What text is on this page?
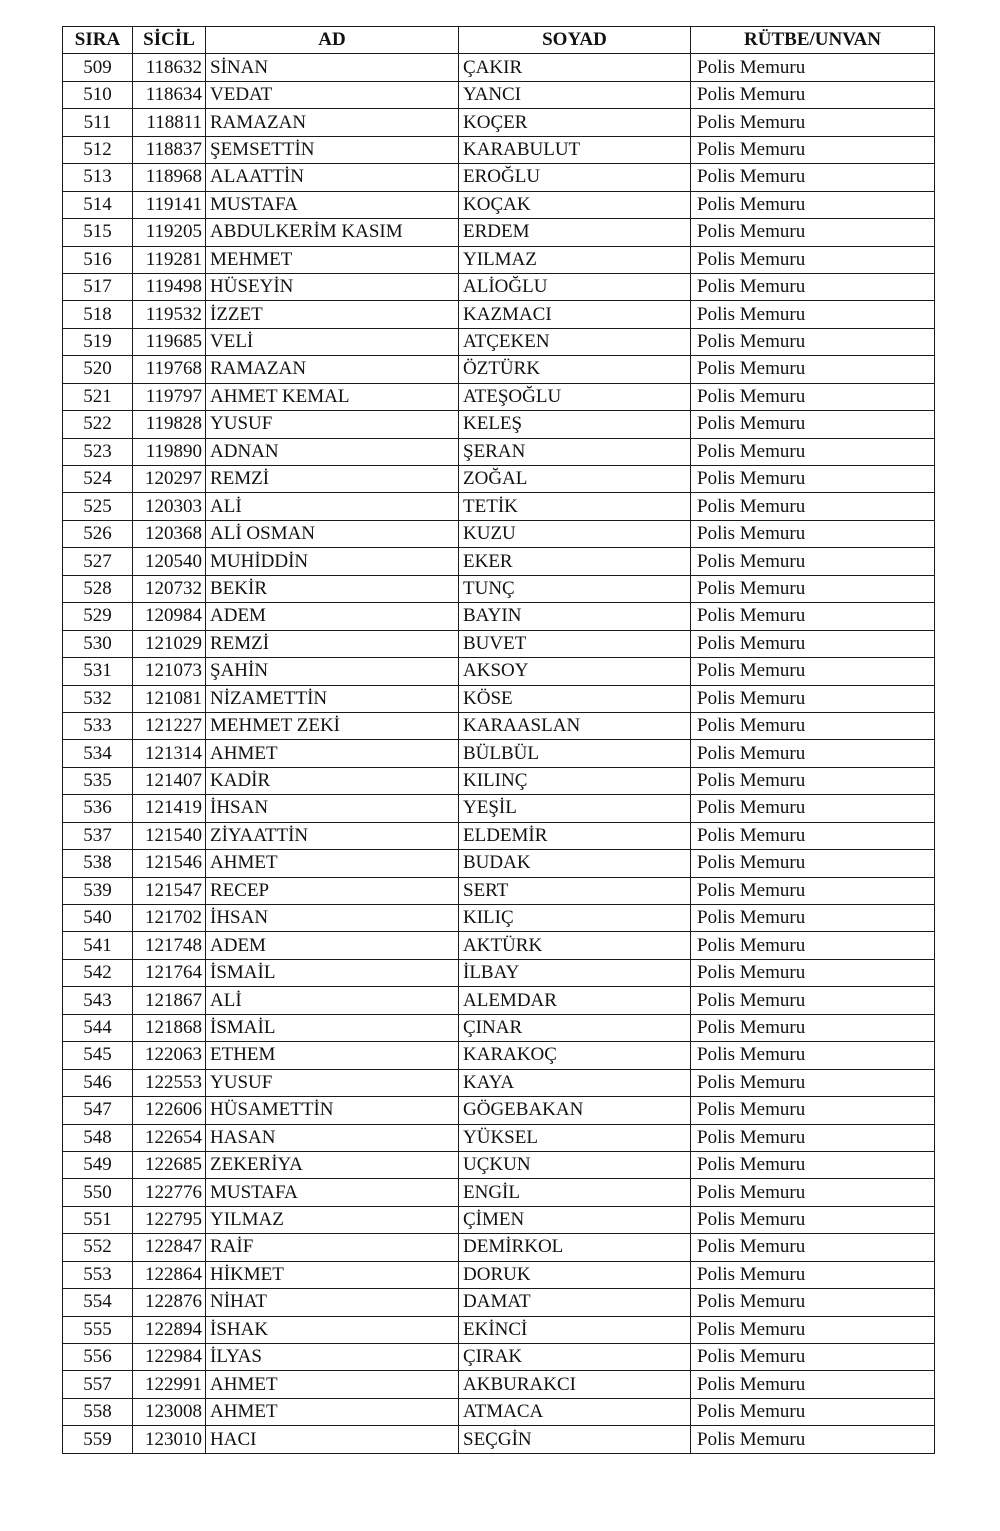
SIRA	SİCİL	AD	SOYAD	RÜTBE/UNVAN
509	118632	SİNAN	ÇAKIR	Polis Memuru
510	118634	VEDAT	YANCI	Polis Memuru
511	118811	RAMAZAN	KOÇER	Polis Memuru
512	118837	ŞEMSETTİN	KARABULUT	Polis Memuru
513	118968	ALAATTİN	EROĞLU	Polis Memuru
514	119141	MUSTAFA	KOÇAK	Polis Memuru
515	119205	ABDULKERİM KASIM	ERDEM	Polis Memuru
516	119281	MEHMET	YILMAZ	Polis Memuru
517	119498	HÜSEYİN	ALİOĞLU	Polis Memuru
518	119532	İZZET	KAZMACI	Polis Memuru
519	119685	VELİ	ATÇEKEN	Polis Memuru
520	119768	RAMAZAN	ÖZTÜRK	Polis Memuru
521	119797	AHMET KEMAL	ATEŞOĞLU	Polis Memuru
522	119828	YUSUF	KELEŞ	Polis Memuru
523	119890	ADNAN	ŞERAN	Polis Memuru
524	120297	REMZİ	ZOĞAL	Polis Memuru
525	120303	ALİ	TETİK	Polis Memuru
526	120368	ALİ OSMAN	KUZU	Polis Memuru
527	120540	MUHİDDİN	EKER	Polis Memuru
528	120732	BEKİR	TUNÇ	Polis Memuru
529	120984	ADEM	BAYIN	Polis Memuru
530	121029	REMZİ	BUVET	Polis Memuru
531	121073	ŞAHİN	AKSOY	Polis Memuru
532	121081	NİZAMETTİN	KÖSE	Polis Memuru
533	121227	MEHMET ZEKİ	KARAASLAN	Polis Memuru
534	121314	AHMET	BÜLBÜL	Polis Memuru
535	121407	KADİR	KILINÇ	Polis Memuru
536	121419	İHSAN	YEŞİL	Polis Memuru
537	121540	ZİYAATTİN	ELDEMİR	Polis Memuru
538	121546	AHMET	BUDAK	Polis Memuru
539	121547	RECEP	SERT	Polis Memuru
540	121702	İHSAN	KILIÇ	Polis Memuru
541	121748	ADEM	AKTÜRK	Polis Memuru
542	121764	İSMAİL	İLBAY	Polis Memuru
543	121867	ALİ	ALEMDAR	Polis Memuru
544	121868	İSMAİL	ÇINAR	Polis Memuru
545	122063	ETHEM	KARAKOÇ	Polis Memuru
546	122553	YUSUF	KAYA	Polis Memuru
547	122606	HÜSAMETTİN	GÖGEBAKAN	Polis Memuru
548	122654	HASAN	YÜKSEL	Polis Memuru
549	122685	ZEKERİYA	UÇKUN	Polis Memuru
550	122776	MUSTAFA	ENGİL	Polis Memuru
551	122795	YILMAZ	ÇİMEN	Polis Memuru
552	122847	RAİF	DEMİRKOL	Polis Memuru
553	122864	HİKMET	DORUK	Polis Memuru
554	122876	NİHAT	DAMAT	Polis Memuru
555	122894	İSHAK	EKİNCİ	Polis Memuru
556	122984	İLYAS	ÇIRAK	Polis Memuru
557	122991	AHMET	AKBURAKCI	Polis Memuru
558	123008	AHMET	ATMACA	Polis Memuru
559	123010	HACI	SEÇGİN	Polis Memuru
